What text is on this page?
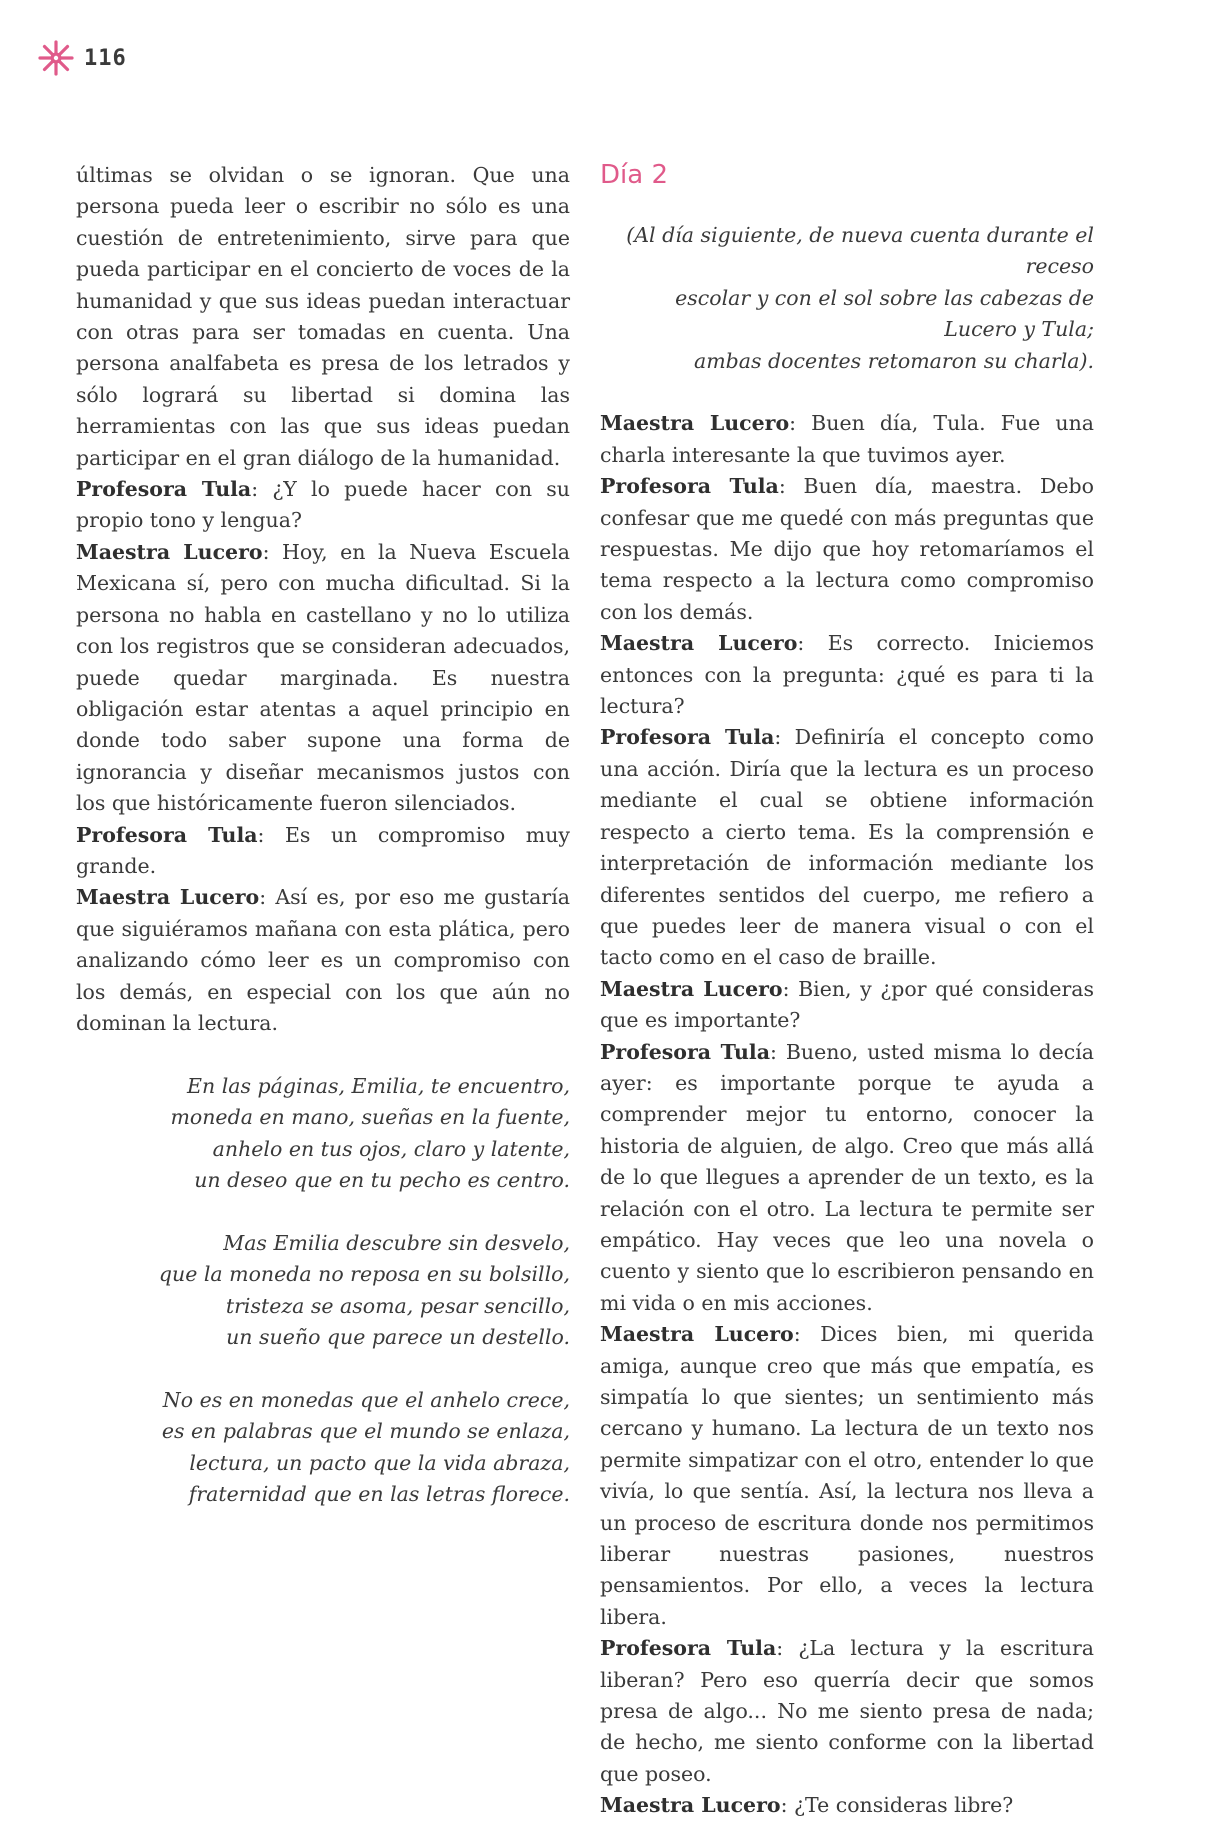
116

últimas se olvidan o se ignoran. Que una persona pueda leer o escribir no sólo es una cuestión de entretenimiento, sirve para que pueda participar en el concierto de voces de la humanidad y que sus ideas puedan interactuar con otras para ser tomadas en cuenta. Una persona analfabeta es presa de los letrados y sólo logrará su libertad si domina las herramientas con las que sus ideas puedan participar en el gran diálogo de la humanidad.

Profesora Tula: ¿Y lo puede hacer con su propio tono y lengua?

Maestra Lucero: Hoy, en la Nueva Escuela Mexicana sí, pero con mucha dificultad. Si la persona no habla en castellano y no lo utiliza con los registros que se consideran adecuados, puede quedar marginada. Es nuestra obligación estar atentas a aquel principio en donde todo saber supone una forma de ignorancia y diseñar mecanismos justos con los que históricamente fueron silenciados.

Profesora Tula: Es un compromiso muy grande.

Maestra Lucero: Así es, por eso me gustaría que siguiéramos mañana con esta plática, pero analizando cómo leer es un compromiso con los demás, en especial con los que aún no dominan la lectura.

En las páginas, Emilia, te encuentro,
moneda en mano, sueñas en la fuente,
anhelo en tus ojos, claro y latente,
un deseo que en tu pecho es centro.
Mas Emilia descubre sin desvelo,
que la moneda no reposa en su bolsillo,
tristeza se asoma, pesar sencillo,
un sueño que parece un destello.
No es en monedas que el anhelo crece,
es en palabras que el mundo se enlaza,
lectura, un pacto que la vida abraza,
fraternidad que en las letras florece.
Día 2
(Al día siguiente, de nueva cuenta durante el receso
escolar y con el sol sobre las cabezas de Lucero y Tula;
ambas docentes retomaron su charla).

Maestra Lucero: Buen día, Tula. Fue una charla interesante la que tuvimos ayer.

Profesora Tula: Buen día, maestra. Debo confesar que me quedé con más preguntas que respuestas. Me dijo que hoy retomaríamos el tema respecto a la lectura como compromiso con los demás.

Maestra Lucero: Es correcto. Iniciemos entonces con la pregunta: ¿qué es para ti la lectura?

Profesora Tula: Definiría el concepto como una acción. Diría que la lectura es un proceso mediante el cual se obtiene información respecto a cierto tema. Es la comprensión e interpretación de información mediante los diferentes sentidos del cuerpo, me refiero a que puedes leer de manera visual o con el tacto como en el caso de braille.

Maestra Lucero: Bien, y ¿por qué consideras que es importante?

Profesora Tula: Bueno, usted misma lo decía ayer: es importante porque te ayuda a comprender mejor tu entorno, conocer la historia de alguien, de algo. Creo que más allá de lo que llegues a aprender de un texto, es la relación con el otro. La lectura te permite ser empático. Hay veces que leo una novela o cuento y siento que lo escribieron pensando en mi vida o en mis acciones.

Maestra Lucero: Dices bien, mi querida amiga, aunque creo que más que empatía, es simpatía lo que sientes; un sentimiento más cercano y humano. La lectura de un texto nos permite simpatizar con el otro, entender lo que vivía, lo que sentía. Así, la lectura nos lleva a un proceso de escritura donde nos permitimos liberar nuestras pasiones, nuestros pensamientos. Por ello, a veces la lectura libera.

Profesora Tula: ¿La lectura y la escritura liberan? Pero eso querría decir que somos presa de algo... No me siento presa de nada; de hecho, me siento conforme con la libertad que poseo.

Maestra Lucero: ¿Te consideras libre?
